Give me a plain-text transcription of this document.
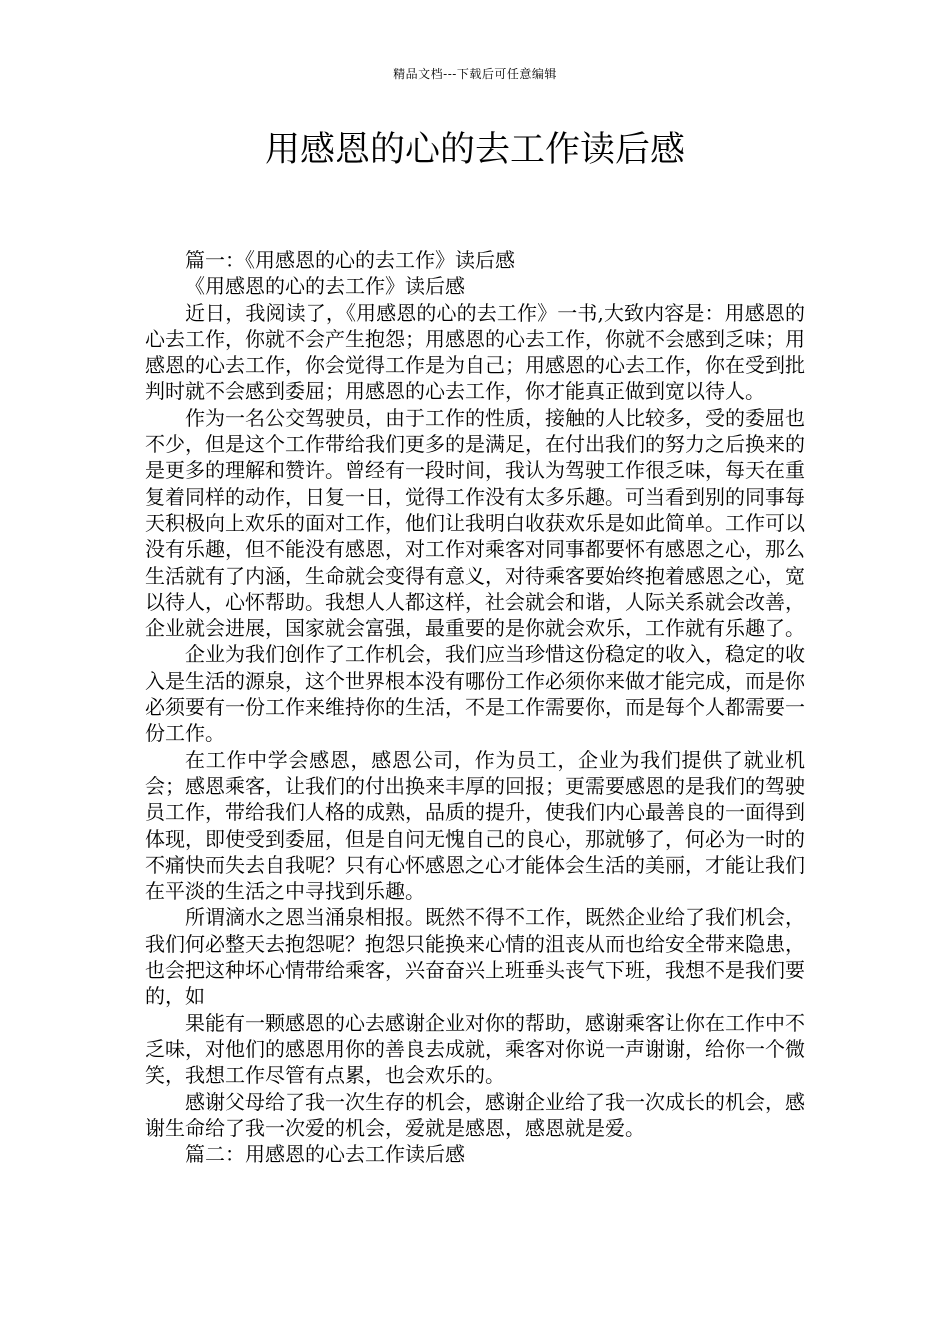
精品文档---下载后可任意编辑
用感恩的心的去工作读后感

篇一：《用感恩的心的去工作》读后感

《用感恩的心的去工作》读后感

近日，我阅读了，《用感恩的心的去工作》一书,大致内容是：用感恩的心去工作，你就不会产生抱怨；用感恩的心去工作，你就不会感到乏味；用感恩的心去工作，你会觉得工作是为自己；用感恩的心去工作，你在受到批判时就不会感到委屈；用感恩的心去工作，你才能真正做到宽以待人。

作为一名公交驾驶员，由于工作的性质，接触的人比较多，受的委屈也不少，但是这个工作带给我们更多的是满足，在付出我们的努力之后换来的是更多的理解和赞许。曾经有一段时间，我认为驾驶工作很乏味，每天在重复着同样的动作，日复一日，觉得工作没有太多乐趣。可当看到别的同事每天积极向上欢乐的面对工作，他们让我明白收获欢乐是如此简单。工作可以没有乐趣，但不能没有感恩，对工作对乘客对同事都要怀有感恩之心，那么生活就有了内涵，生命就会变得有意义，对待乘客要始终抱着感恩之心，宽以待人，心怀帮助。我想人人都这样，社会就会和谐，人际关系就会改善，企业就会进展，国家就会富强，最重要的是你就会欢乐，工作就有乐趣了。

企业为我们创作了工作机会，我们应当珍惜这份稳定的收入，稳定的收入是生活的源泉，这个世界根本没有哪份工作必须你来做才能完成，而是你必须要有一份工作来维持你的生活，不是工作需要你，而是每个人都需要一份工作。

在工作中学会感恩，感恩公司，作为员工，企业为我们提供了就业机会；感恩乘客，让我们的付出换来丰厚的回报；更需要感恩的是我们的驾驶员工作，带给我们人格的成熟，品质的提升，使我们内心最善良的一面得到体现，即使受到委屈，但是自问无愧自己的良心，那就够了，何必为一时的不痛快而失去自我呢？只有心怀感恩之心才能体会生活的美丽，才能让我们在平淡的生活之中寻找到乐趣。

所谓滴水之恩当涌泉相报。既然不得不工作，既然企业给了我们机会，我们何必整天去抱怨呢？抱怨只能换来心情的沮丧从而也给安全带来隐患，也会把这种坏心情带给乘客，兴奋奋兴上班垂头丧气下班，我想不是我们要的，如

果能有一颗感恩的心去感谢企业对你的帮助，感谢乘客让你在工作中不乏味，对他们的感恩用你的善良去成就，乘客对你说一声谢谢，给你一个微笑，我想工作尽管有点累，也会欢乐的。

感谢父母给了我一次生存的机会，感谢企业给了我一次成长的机会，感谢生命给了我一次爱的机会，爱就是感恩，感恩就是爱。

篇二：用感恩的心去工作读后感
